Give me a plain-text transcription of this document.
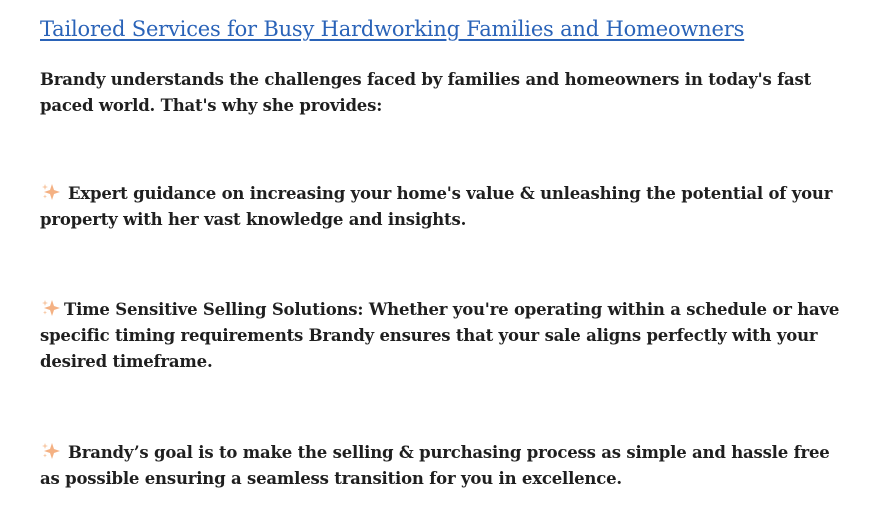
Tailored Services for Busy Hardworking Families and Homeowners

Brandy understands the challenges faced by families and homeowners in today's fast paced world. That's why she provides:

Expert guidance on increasing your home's value & unleashing the potential of your property with her vast knowledge and insights.

Time Sensitive Selling Solutions: Whether you're operating within a schedule or have specific timing requirements Brandy ensures that your sale aligns perfectly with your desired timeframe.

Brandy’s goal is to make the selling & purchasing process as simple and hassle free as possible ensuring a seamless transition for you in excellence.
